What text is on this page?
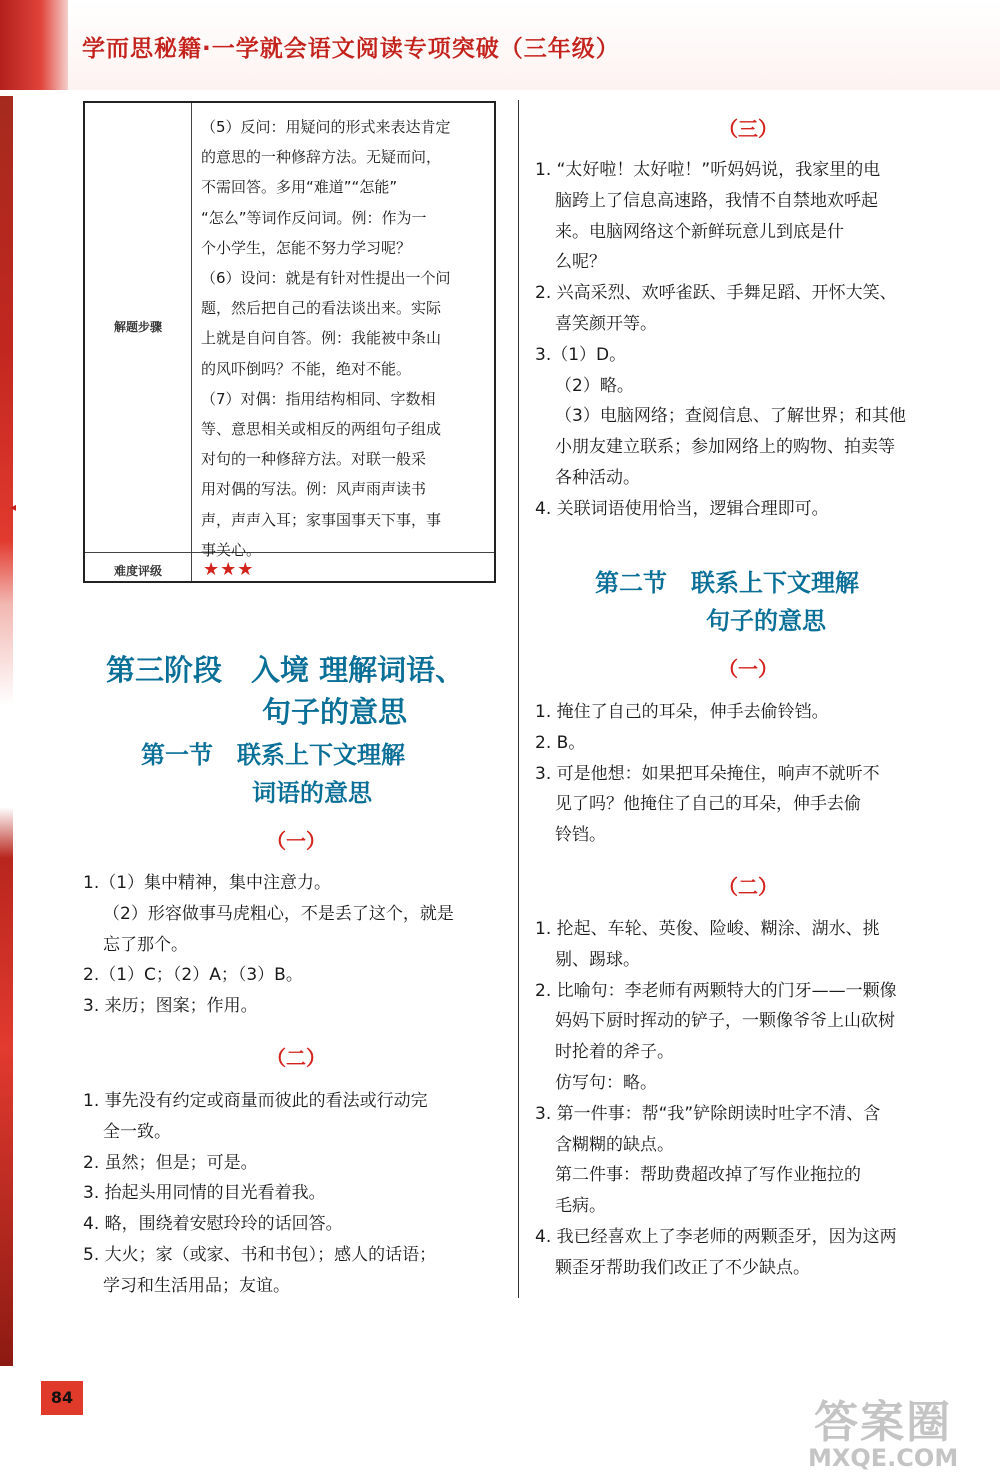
学而思秘籍·一学就会语文阅读专项突破（三年级）
◂
解题步骤
（5）反问：用疑问的形式来表达肯定
的意思的一种修辞方法。无疑而问，
不需回答。多用“难道”“怎能”
“怎么”等词作反问词。例：作为一
个小学生，怎能不努力学习呢？
（6）设问：就是有针对性提出一个问
题，然后把自己的看法谈出来。实际
上就是自问自答。例：我能被中条山
的风吓倒吗？不能，绝对不能。
（7）对偶：指用结构相同、字数相
等、意思相关或相反的两组句子组成
对句的一种修辞方法。对联一般采
用对偶的写法。例：风声雨声读书
声，声声入耳；家事国事天下事，事
事关心。
难度评级	★★★
第三阶段　入境 理解词语、
句子的意思
第一节　联系上下文理解
词语的意思
（一）
1.（1）集中精神，集中注意力。
（2）形容做事马虎粗心，不是丢了这个，就是
忘了那个。
2.（1）C；（2）A；（3）B。
3. 来历；图案；作用。
（二）
1. 事先没有约定或商量而彼此的看法或行动完
全一致。
2. 虽然；但是；可是。
3. 抬起头用同情的目光看着我。
4. 略，围绕着安慰玲玲的话回答。
5. 大火；家（或家、书和书包）；感人的话语；
学习和生活用品；友谊。
（三）
1. “太好啦！太好啦！”听妈妈说，我家里的电
脑跨上了信息高速路，我情不自禁地欢呼起
来。电脑网络这个新鲜玩意儿到底是什
么呢？
2. 兴高采烈、欢呼雀跃、手舞足蹈、开怀大笑、
喜笑颜开等。
3.（1）D。
（2）略。
（3）电脑网络；查阅信息、了解世界；和其他
小朋友建立联系；参加网络上的购物、拍卖等
各种活动。
4. 关联词语使用恰当，逻辑合理即可。
第二节　联系上下文理解
句子的意思
（一）
1. 掩住了自己的耳朵，伸手去偷铃铛。
2. B。
3. 可是他想：如果把耳朵掩住，响声不就听不
见了吗？他掩住了自己的耳朵，伸手去偷
铃铛。
（二）
1. 抡起、车轮、英俊、险峻、糊涂、湖水、挑
剔、踢球。
2. 比喻句：李老师有两颗特大的门牙——一颗像
妈妈下厨时挥动的铲子，一颗像爷爷上山砍树
时抡着的斧子。
仿写句：略。
3. 第一件事：帮“我”铲除朗读时吐字不清、含
含糊糊的缺点。
第二件事：帮助费超改掉了写作业拖拉的
毛病。
4. 我已经喜欢上了李老师的两颗歪牙，因为这两
颗歪牙帮助我们改正了不少缺点。
84	答案圈
MXQE.COM
